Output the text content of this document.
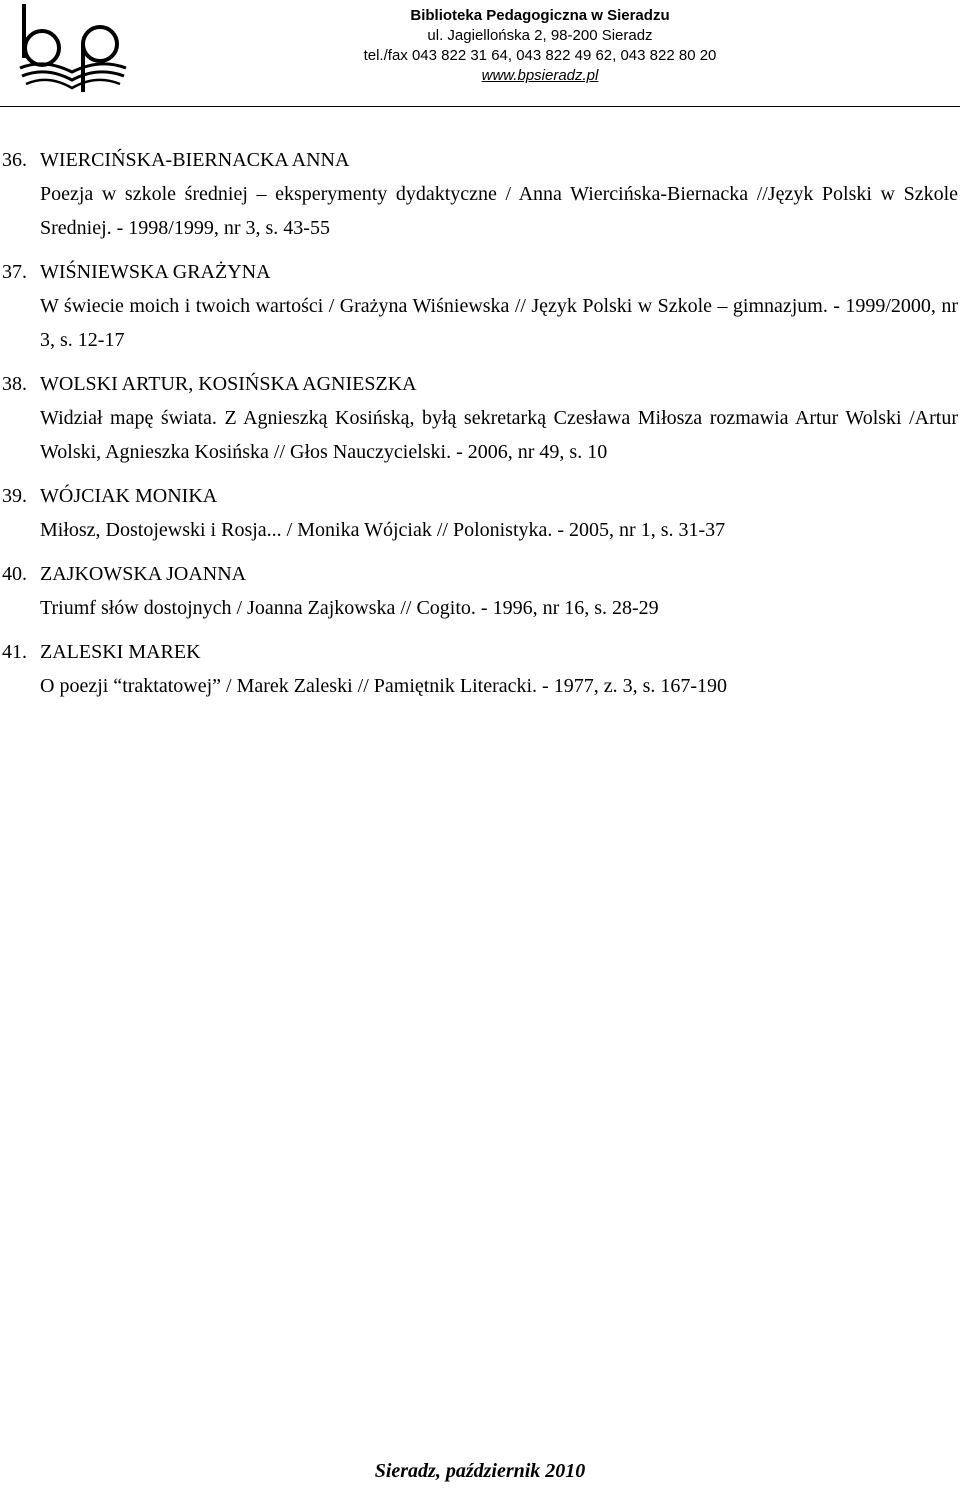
Biblioteka Pedagogiczna w Sieradzu
ul. Jagiellońska 2, 98-200 Sieradz
tel./fax 043 822 31 64, 043 822 49 62, 043 822 80 20
www.bpsieradz.pl
36. WIERCIŃSKA-BIERNACKA ANNA
Poezja w szkole średniej – eksperymenty dydaktyczne / Anna Wiercińska-Biernacka //Język Polski w Szkole Sredniej. - 1998/1999, nr 3, s. 43-55
37. WIŚNIEWSKA GRAŻYNA
W świecie moich i twoich wartości / Grażyna Wiśniewska // Język Polski w Szkole – gimnazjum. - 1999/2000, nr 3, s. 12-17
38. WOLSKI ARTUR, KOSIŃSKA AGNIESZKA
Widział mapę świata. Z Agnieszką Kosińską, byłą sekretarką Czesława Miłosza rozmawia Artur Wolski /Artur Wolski, Agnieszka Kosińska // Głos Nauczycielski. - 2006, nr 49, s. 10
39. WÓJCIAK MONIKA
Miłosz, Dostojewski i Rosja... / Monika Wójciak // Polonistyka. - 2005, nr 1, s. 31-37
40. ZAJKOWSKA JOANNA
Triumf słów dostojnych / Joanna Zajkowska // Cogito. - 1996, nr 16, s. 28-29
41. ZALESKI MAREK
O poezji “traktatowej” / Marek Zaleski // Pamiętnik Literacki. - 1977, z. 3, s. 167-190
Sieradz, październik 2010
